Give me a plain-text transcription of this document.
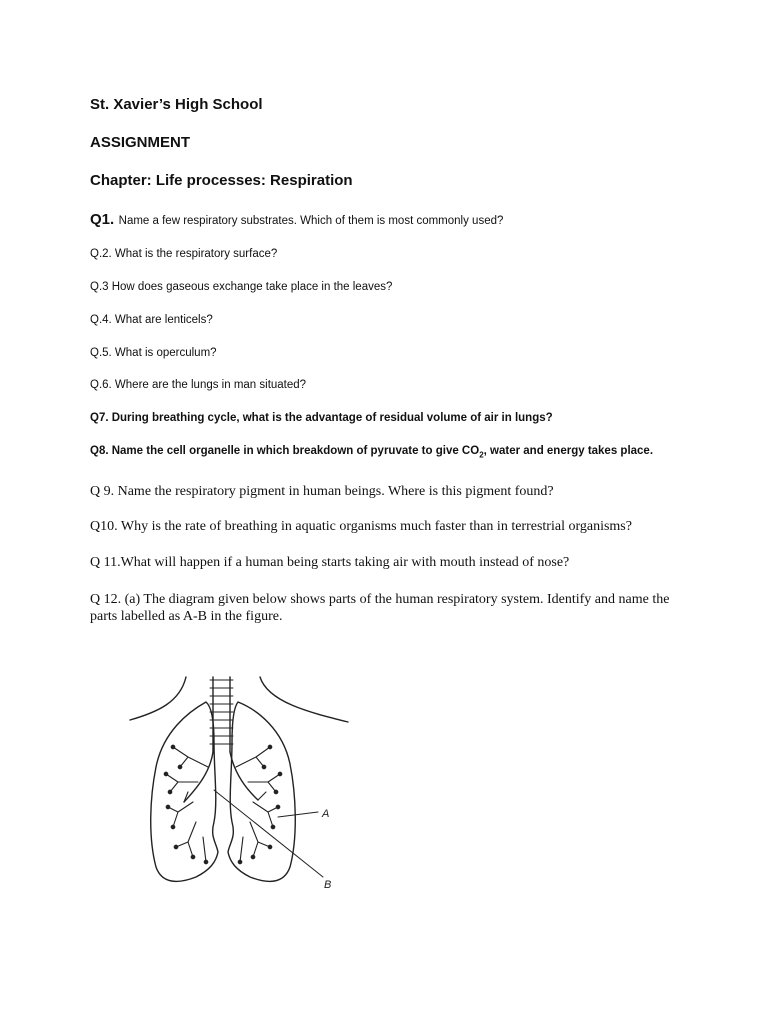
St. Xavier’s High School
ASSIGNMENT
Chapter: Life processes: Respiration
Q1. Name a few respiratory substrates. Which of them is most commonly used?
Q.2. What is the respiratory surface?
Q.3 How does gaseous exchange take place in the leaves?
Q.4. What are lenticels?
Q.5. What is operculum?
Q.6. Where are the lungs in man situated?
Q7. During breathing cycle, what is the advantage of residual volume of air in lungs?
Q8. Name the cell organelle in which breakdown of pyruvate to give $CO_2$, water and energy takes place.
Q 9. Name the respiratory pigment in human beings. Where is this pigment found?
Q10. Why is the rate of breathing in aquatic organisms much faster than in terrestrial organisms?
Q 11.What will happen if a human being starts taking air with mouth instead of nose?
Q 12. (a) The diagram given below shows parts of the human respiratory system. Identify and name the parts labelled as A-B in the figure.
A
B
